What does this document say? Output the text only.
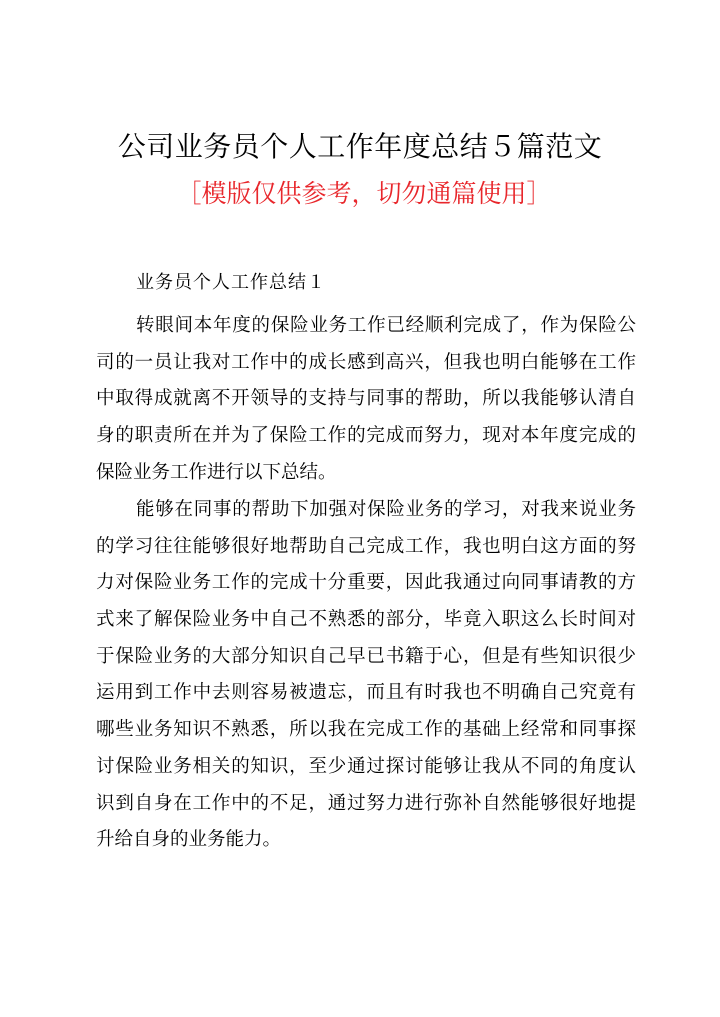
公司业务员个人工作年度总结５篇范文
［模版仅供参考，切勿通篇使用］
业务员个人工作总结１
转眼间本年度的保险业务工作已经顺利完成了，作为保险公
司的一员让我对工作中的成长感到高兴，但我也明白能够在工作
中取得成就离不开领导的支持与同事的帮助，所以我能够认清自
身的职责所在并为了保险工作的完成而努力，现对本年度完成的
保险业务工作进行以下总结。
能够在同事的帮助下加强对保险业务的学习，对我来说业务
的学习往往能够很好地帮助自己完成工作，我也明白这方面的努
力对保险业务工作的完成十分重要，因此我通过向同事请教的方
式来了解保险业务中自己不熟悉的部分，毕竟入职这么长时间对
于保险业务的大部分知识自己早已书籍于心，但是有些知识很少
运用到工作中去则容易被遗忘，而且有时我也不明确自己究竟有
哪些业务知识不熟悉，所以我在完成工作的基础上经常和同事探
讨保险业务相关的知识，至少通过探讨能够让我从不同的角度认
识到自身在工作中的不足，通过努力进行弥补自然能够很好地提
升给自身的业务能力。
